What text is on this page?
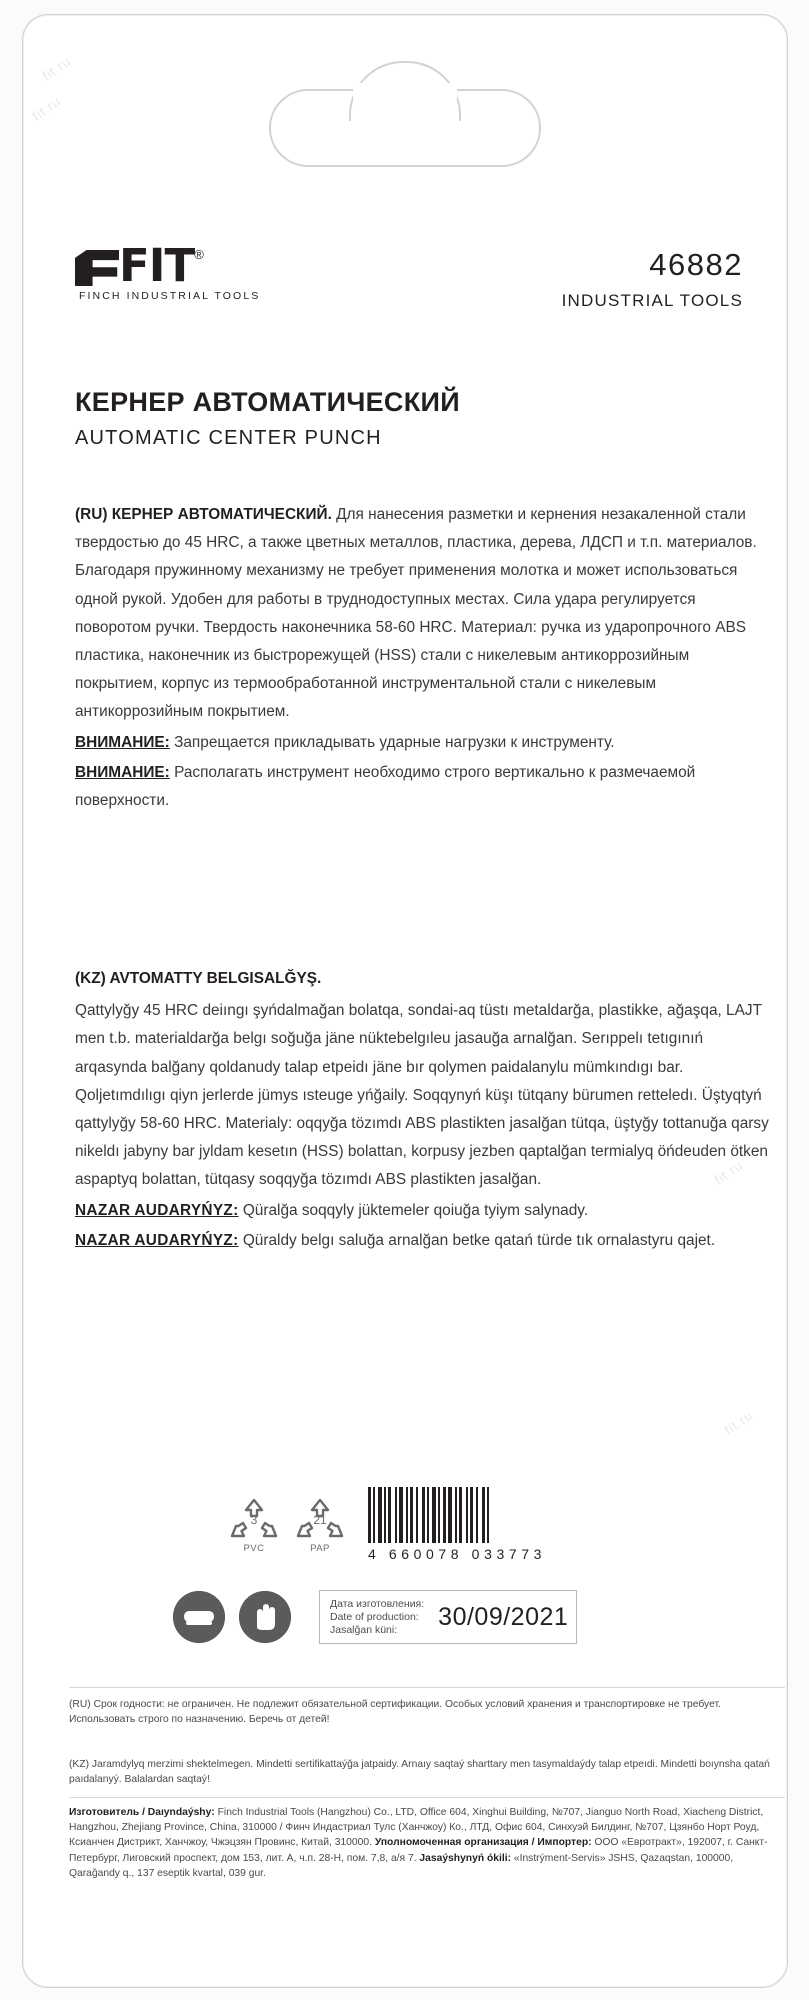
fit.ru
fit.ru
fit.ru
fit.ru
FIT ®
FINCH INDUSTRIAL TOOLS
46882
INDUSTRIAL TOOLS
КЕРНЕР АВТОМАТИЧЕСКИЙ
AUTOMATIC CENTER PUNCH
(RU) КЕРНЕР АВТОМАТИЧЕСКИЙ. Для нанесения разметки и кернения незакаленной стали твердостью до 45 HRC, а также цветных металлов, пластика, дерева, ЛДСП и т.п. материалов. Благодаря пружинному механизму не требует применения молотка и может использоваться одной рукой. Удобен для работы в труднодоступных местах. Сила удара регулируется поворотом ручки. Твердость наконечника 58-60 HRC. Материал: ручка из ударопрочного ABS пластика, наконечник из быстрорежущей (HSS) стали с никелевым антикоррозийным покрытием, корпус из термообработанной инструментальной стали с никелевым антикоррозийным покрытием.
ВНИМАНИЕ: Запрещается прикладывать ударные нагрузки к инструменту.
ВНИМАНИЕ: Располагать инструмент необходимо строго вертикально к размечаемой поверхности.
(KZ) AVTOMATTY BELGISALĞYŞ.
Qattylyğy 45 HRC deiıngı şyńdalmağan bolatqa, sondai-aq tüstı metaldarğa, plastikke, ağaşqa, LAJT men t.b. materialdarğa belgı soğuğa jäne nüktebelgıleu jasauğa arnalğan. Serıppelı tetıgınıń arqasynda balğany qoldanudy talap etpeidı jäne bır qolymen paidalanylu mümkındıgı bar. Qoljetımdılıgı qiyn jerlerde jümys ısteuge yńğaily. Soqqynyń küşı tütqany bürumen retteledı. Üştyqtyń qattylyğy 58-60 HRC. Materialy: oqqyğa tözımdı ABS plastikten jasalğan tütqa, üştyğy tottanuğa qarsy nikeldı jabyny bar jyldam kesetın (HSS) bolattan, korpusy jezben qaptalğan termialyq öńdeuden ötken aspaptyq bolattan, tütqasy soqqyğa tözımdı ABS plastikten jasalğan.
NAZAR AUDARYŃYZ: Qüralğa soqqyly jüktemeler qoiuğa tyiym salynady.
NAZAR AUDARYŃYZ: Qüraldy belgı saluğa arnalğan betke qatań türde tık ornalastyru qajet.
3
PVC
21
PAP	4 660078 033773
Дата изготовления:
Date of production:
Jasalğan küni:	30/09/2021
(RU) Срок годности: не ограничен. Не подлежит обязательной сертификации. Особых условий хранения и транспортировке не требует. Использовать строго по назначению. Беречь от детей!
(KZ) Jaramdylyq merzimi shektelmegen. Mindetti sertifikattaýğa jatpaidy. Arnaıy saqtaý sharttary men tasymaldaýdy talap etpeıdi. Mindetti boıynsha qatań paıdalanyý. Balalardan saqtaý!
Изготовитель / Daıyndaýshy: Finch Industrial Tools (Hangzhou) Co., LTD, Office 604, Xinghui Building, №707, Jianguo North Road, Xiacheng District, Hangzhou, Zhejiang Province, China, 310000 / Финч Индастриал Тулс (Ханчжоу) Ко., ЛТД, Офис 604, Синхуэй Билдинг, №707, Цзянбо Норт Роуд, Ксианчен Дистрикт, Ханчжоу, Чжэцзян Провинс, Китай, 310000. Уполномоченная организация / Импортер: ООО «Евротракт», 192007, г. Санкт-Петербург, Лиговский проспект, дом 153, лит. А, ч.п. 28-Н, пом. 7,8, а/я 7. Jasaýshynyń ókili: «Instrýment-Servis» JSHS, Qazaqstan, 100000, Qarağandy q., 137 eseptik kvartal, 039 gur.
